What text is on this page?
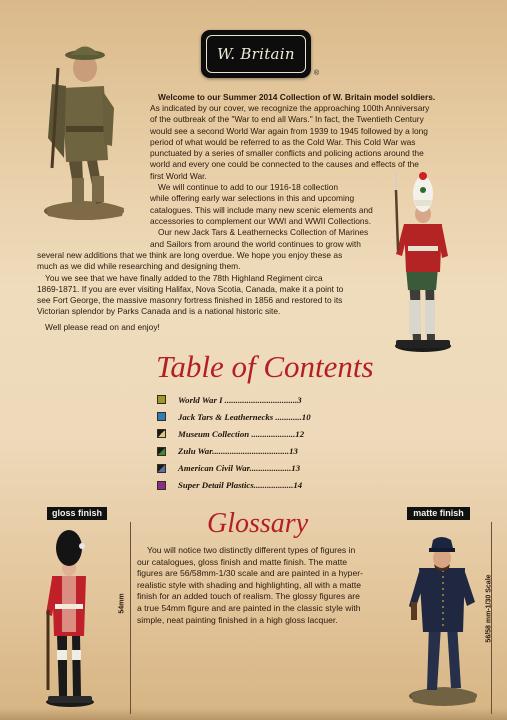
W. Britain
®

Welcome to our Summer 2014 Collection of W. Britain model soldiers.

As indicated by our cover, we recognize the approaching 100th Anniversary

of the outbreak of the "War to end all Wars." In fact, the Twentieth Century

would see a second World War again from 1939 to 1945 followed by a long

period of what would be referred to as the Cold War. This Cold War was

punctuated by a series of smaller conflicts and policing actions around the

world and every one could be connected to the causes and effects of the

first World War.

We will continue to add to our 1916-18 collection

while offering early war selections in this and upcoming

catalogues. This will include many new scenic elements and

accessories to complement our WWI and WWII Collections.

Our new Jack Tars & Leathernecks Collection of Marines

and Sailors from around the world continues to grow with

several new additions that we think are long overdue. We hope you enjoy these as

much as we did while researching and designing them.

You we see that we have finally added to the 78th Highland Regiment circa

1869-1871. If you are ever visiting Halifax, Nova Scotia, Canada, make it a point to

see Fort George, the massive masonry fortress finished in 1856 and restored to its

Victorian splendor by Parks Canada and is a national historic site.

Well please read on and enjoy!

Table of Contents
World War I .................................3
Jack Tars & Leathernecks ............10
Museum Collection ....................12
Zulu War...................................13
American Civil War...................13
Super Detail Plastics..................14
gloss finish
54mm
Glossary

You will notice two distinctly different types of figures in

our catalogues, gloss finish and matte finish. The matte

figures are 56/58mm-1/30 scale and are painted in a hyper-

realistic style with shading and highlighting, all with a matte

finish for an added touch of realism. The glossy figures are

a true 54mm figure and are painted in the classic style with

simple, neat painting finished in a high gloss lacquer.

matte finish
56/58 mm-1/30 Scale
